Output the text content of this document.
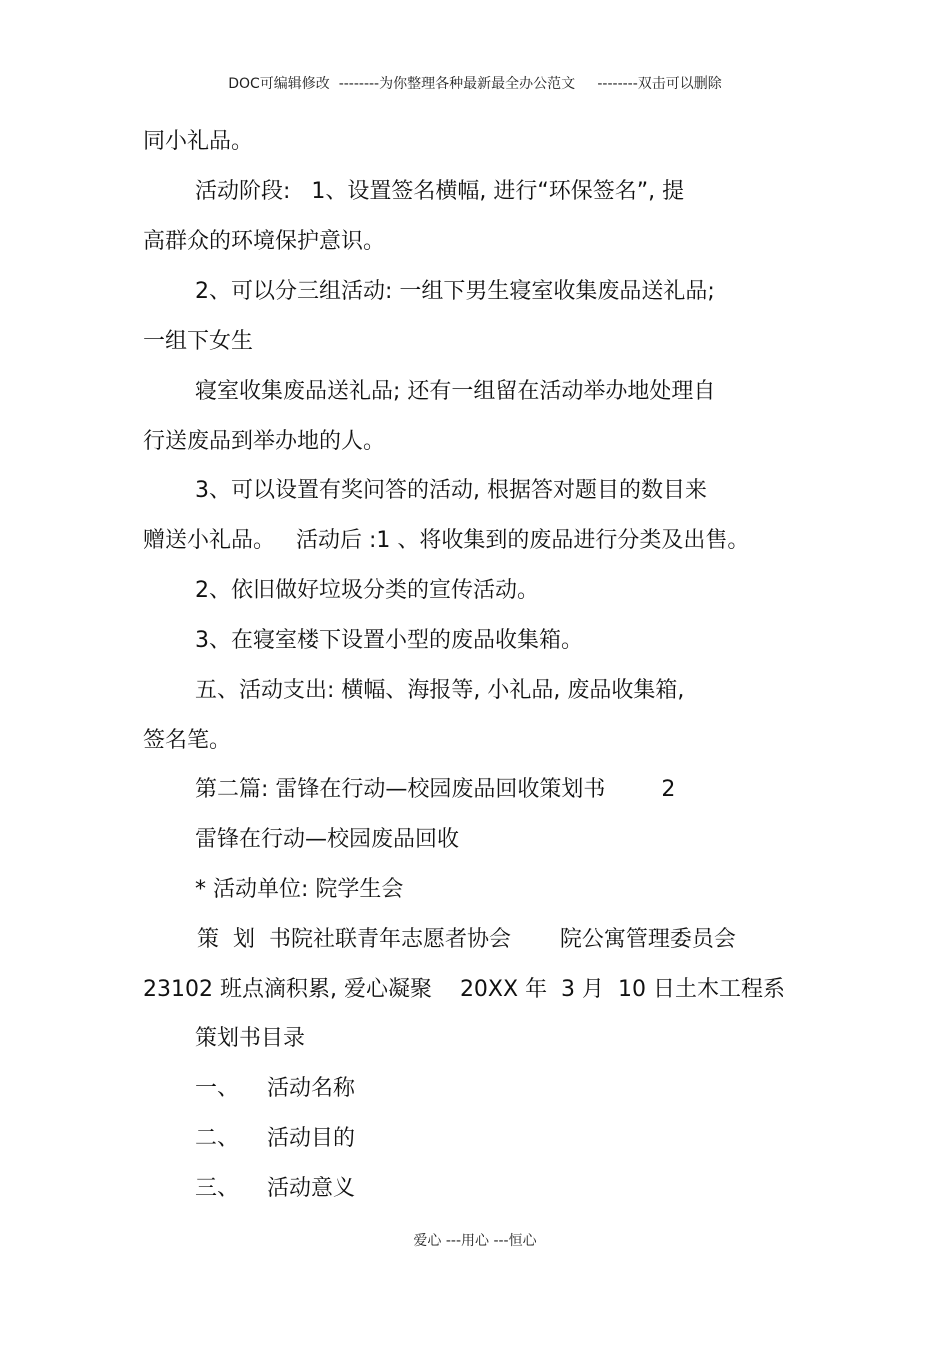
DOC可编辑修改  --------为你整理各种最新最全办公范文     --------双击可以删除
同小礼品。
活动阶段:   1、设置签名横幅, 进行“环保签名”, 提
高群众的环境保护意识。
2、可以分三组活动: 一组下男生寝室收集废品送礼品;
一组下女生
寝室收集废品送礼品; 还有一组留在活动举办地处理自
行送废品到举办地的人。
3、可以设置有奖问答的活动, 根据答对题目的数目来
赠送小礼品。   活动后 :1 、将收集到的废品进行分类及出售。
2、依旧做好垃圾分类的宣传活动。
3、在寝室楼下设置小型的废品收集箱。
五、活动支出: 横幅、海报等, 小礼品, 废品收集箱,
签名笔。
第二篇: 雷锋在行动—校园废品回收策划书        2
雷锋在行动—校园废品回收
* 活动单位: 院学生会
策  划  书院社联青年志愿者协会       院公寓管理委员会
23102 班点滴积累, 爱心凝聚    20XX 年  3 月  10 日土木工程系
策划书目录
一、    活动名称
二、    活动目的
三、    活动意义
爱心 ---用心 ---恒心
